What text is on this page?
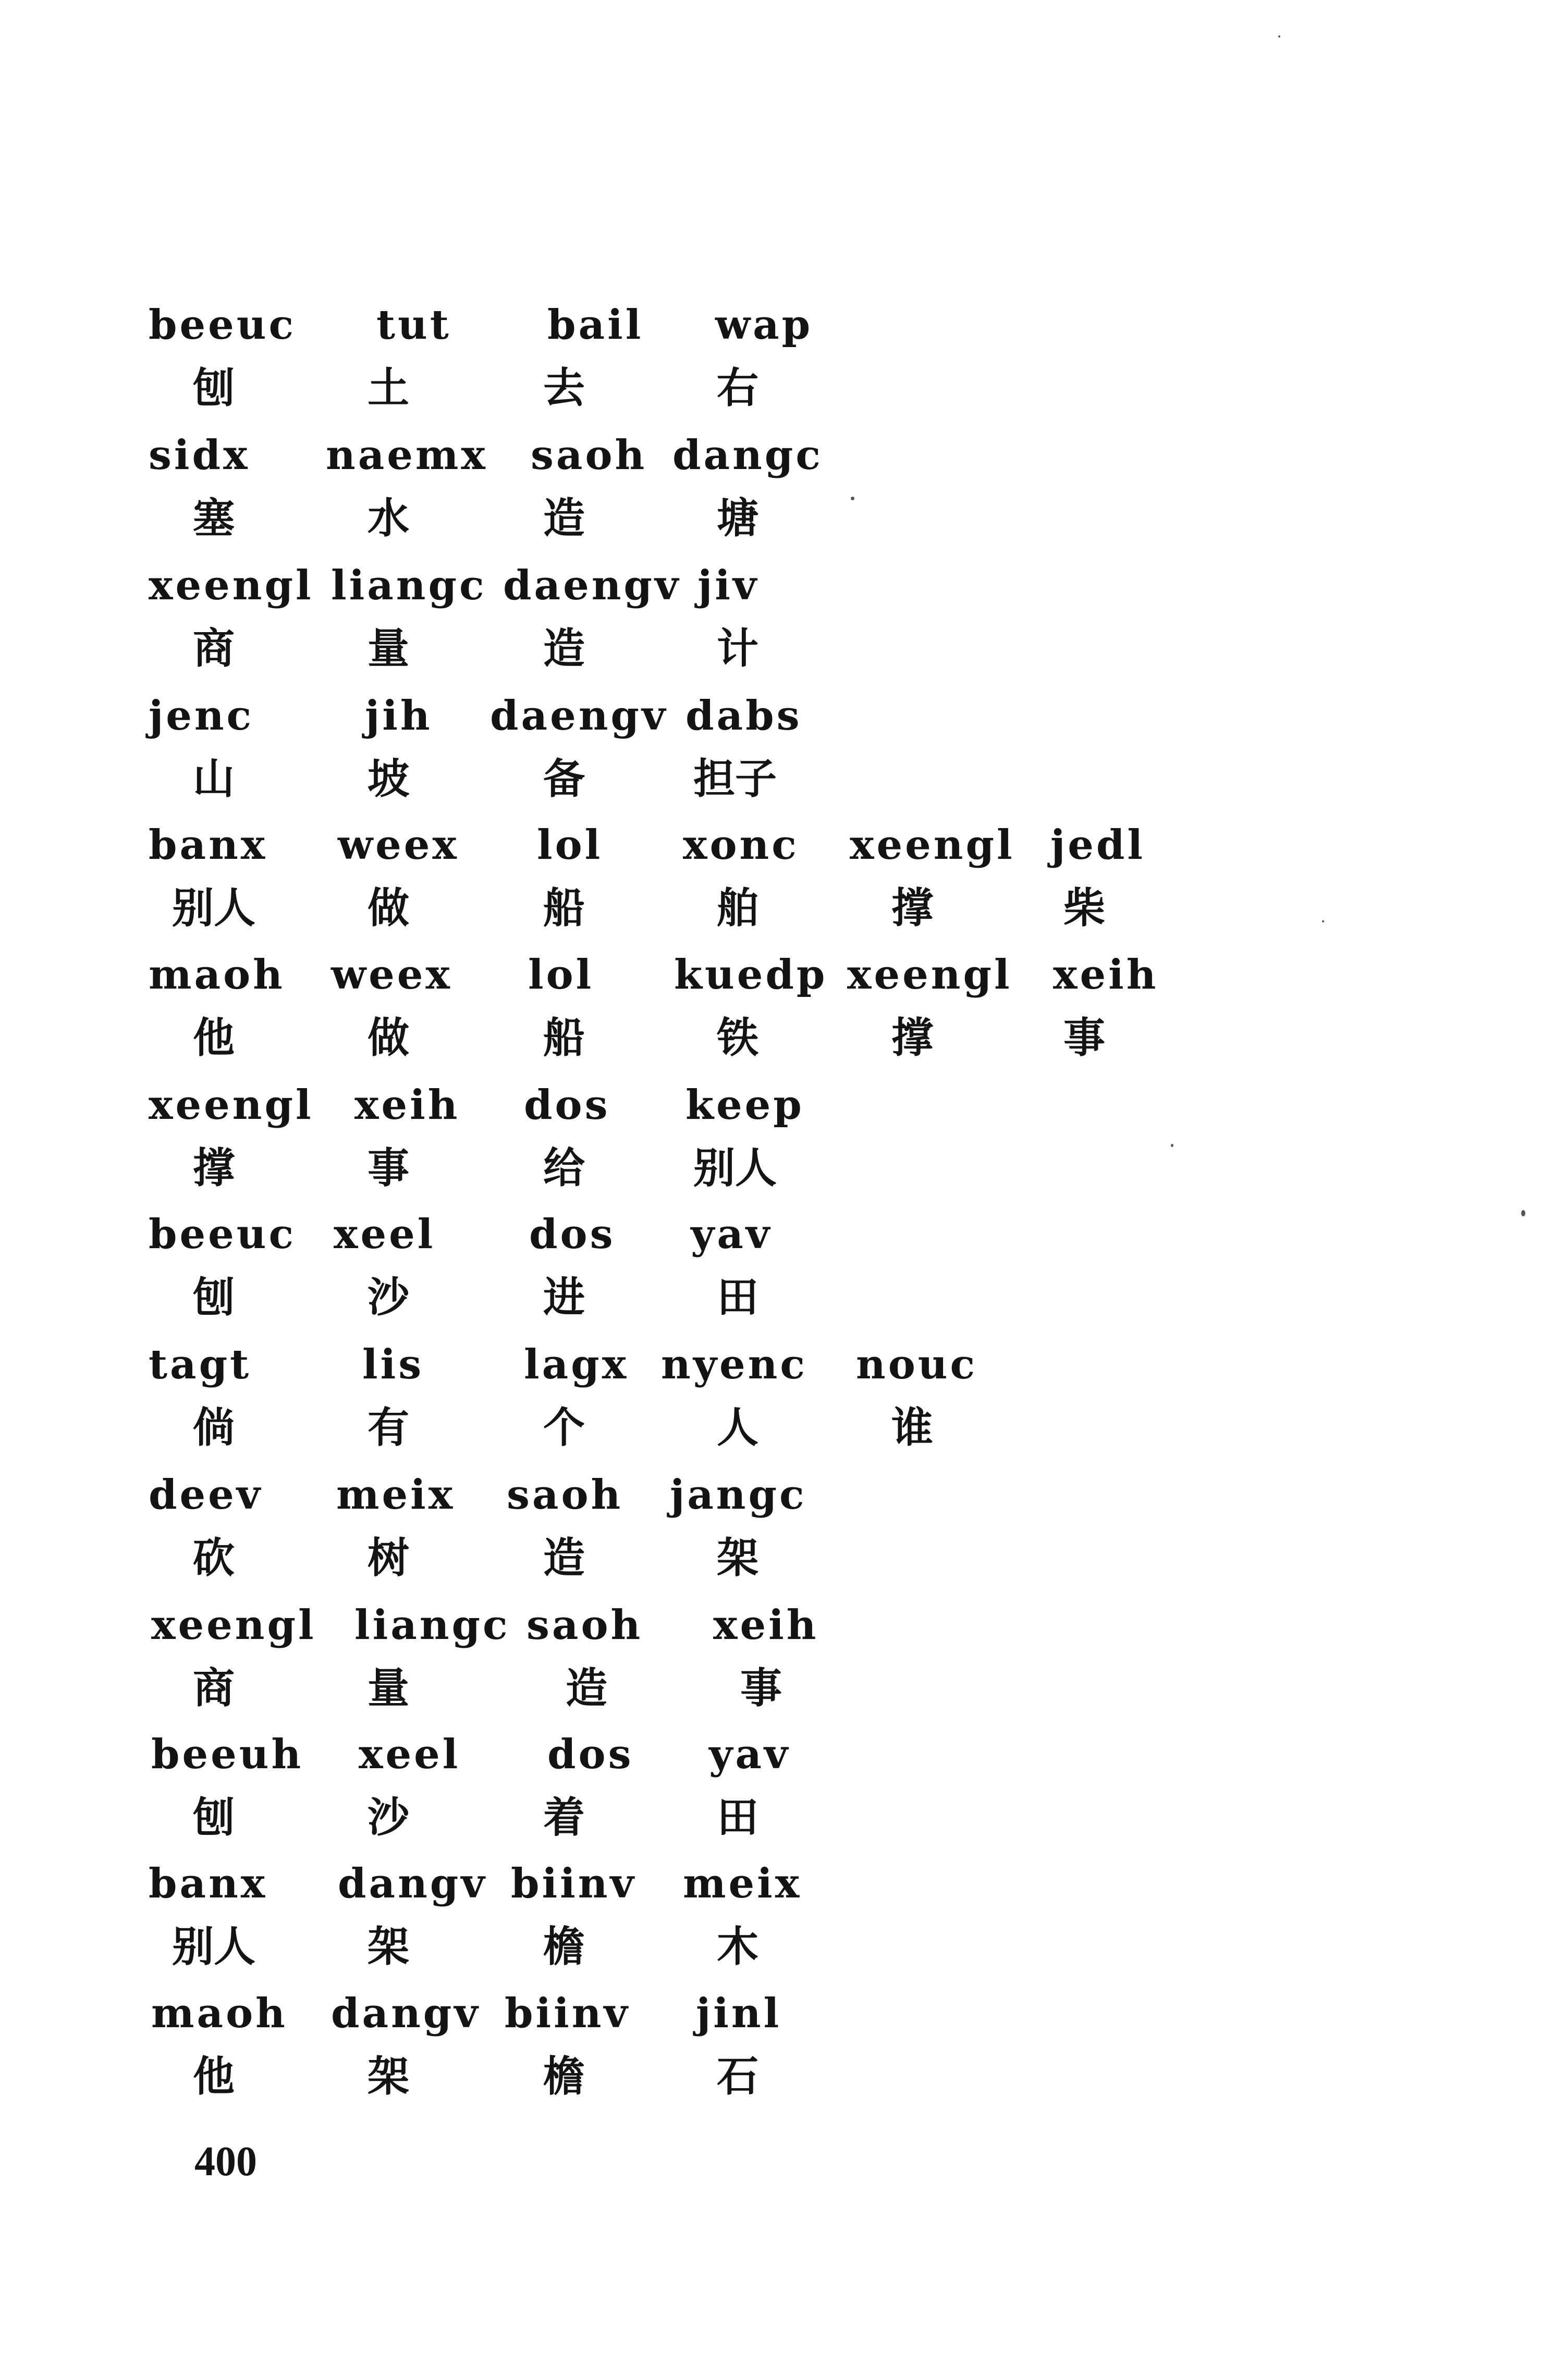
beeuc tut bail wap
刨	土	去	右
sidx naemx saoh dangc
塞	水	造	塘
xeengl liangc daengv jiv
商	量	造	计
jenc	jih daengv dabs
山	坡	备	担子
banx weex lol xonc xeengl jedl
别人	做	船	舶	撑	柴
maoh weex lol kuedp xeengl xeih
他	做	船	铁	撑	事
xeengl xeih dos keep
撑	事	给	别人
beeuc xeel dos yav
刨	沙	进	田
tagt	lis lagx nyenc nouc
倘	有	个	人	谁
deev meix saoh jangc
砍	树	造	架
xeengl liangc saoh xeih
商	量	造	事
beeuh xeel dos yav
刨	沙	着	田
banx dangv biinv meix
别人	架	檐	木
maoh dangv biinv jinl
他	架	檐	石
400
